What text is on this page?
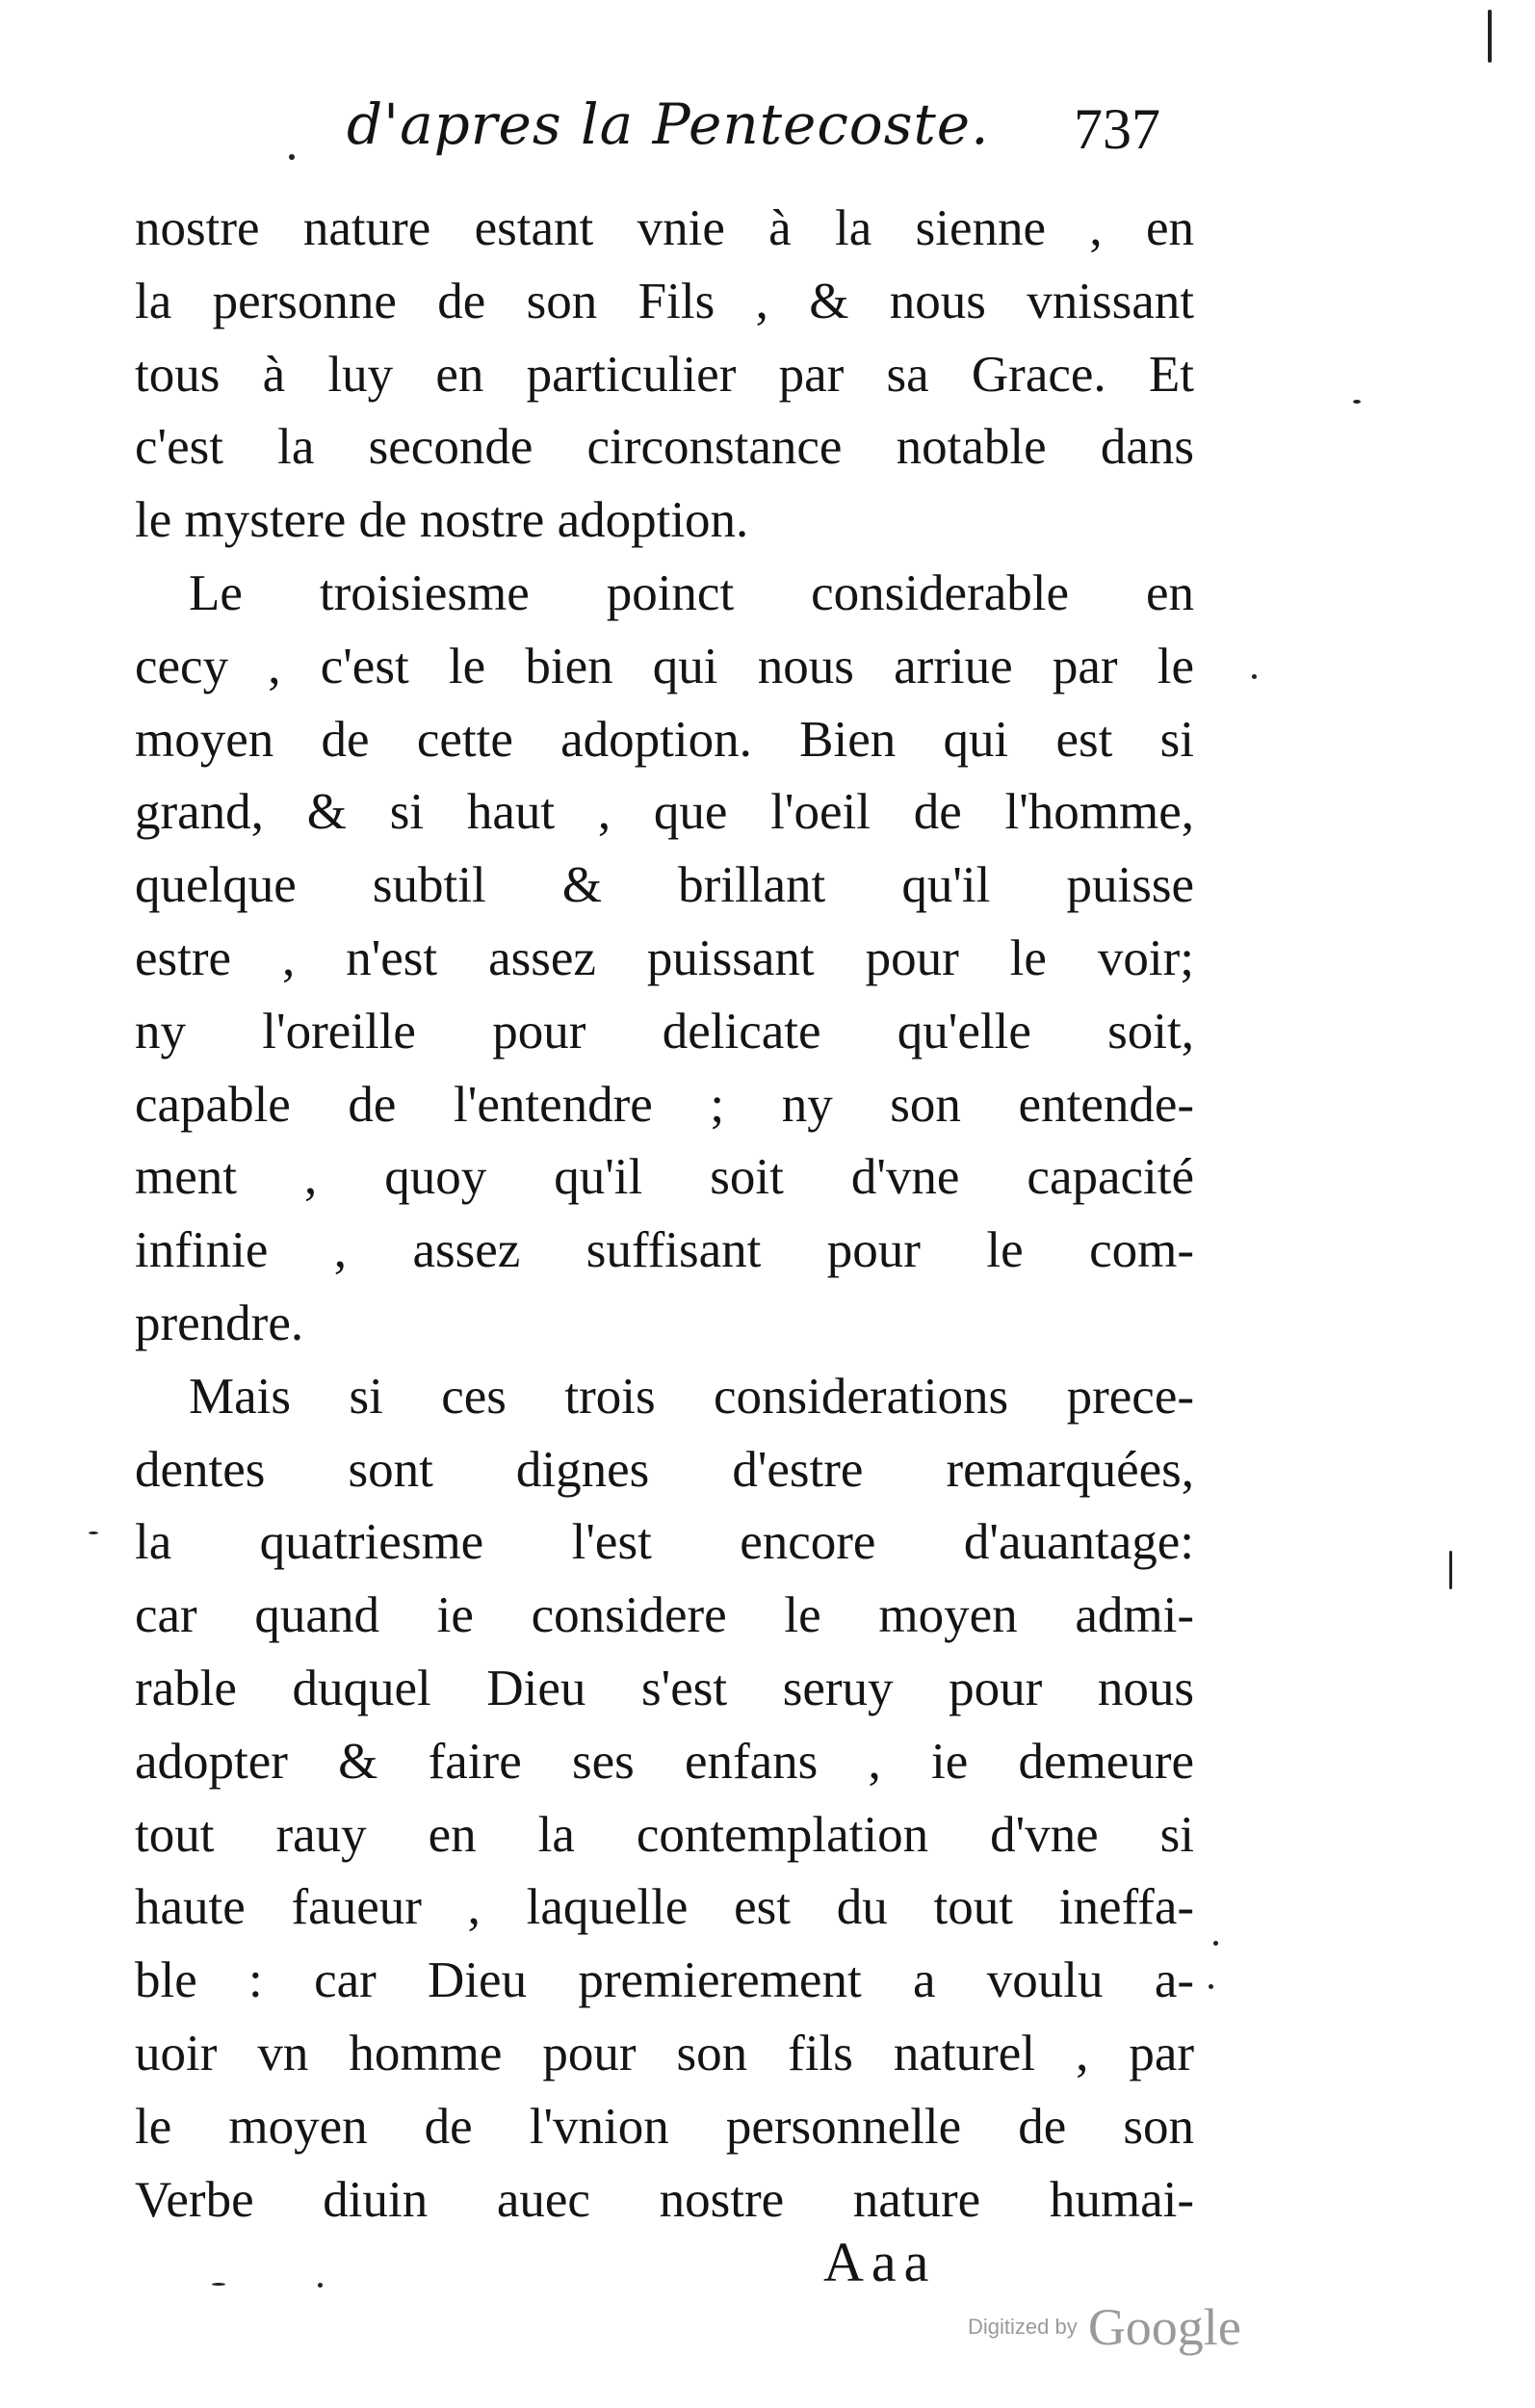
d'apres la Pentecoste. 737
nostre nature estant vnie à la sienne , en
la personne de son Fils , & nous vnissant
tous à luy en particulier par sa Grace. Et
c'est la seconde circonstance notable dans
le mystere de nostre adoption.
Le troisiesme poinct considerable en
cecy , c'est le bien qui nous arriue par le
moyen de cette adoption. Bien qui est si
grand, & si haut , que l'oeil de l'homme,
quelque subtil & brillant qu'il puisse
estre , n'est assez puissant pour le voir;
ny l'oreille pour delicate qu'elle soit,
capable de l'entendre ; ny son entende-
ment , quoy qu'il soit d'vne capacité
infinie , assez suffisant pour le com-
prendre.
Mais si ces trois considerations prece-
dentes sont dignes d'estre remarquées,
la quatriesme l'est encore d'auantage:
car quand ie considere le moyen admi-
rable duquel Dieu s'est seruy pour nous
adopter & faire ses enfans , ie demeure
tout rauy en la contemplation d'vne si
haute faueur , laquelle est du tout ineffa-
ble : car Dieu premierement a voulu a-
uoir vn homme pour son fils naturel , par
le moyen de l'vnion personnelle de son
Verbe diuin auec nostre nature humai-
Aaa
Digitized by Google
